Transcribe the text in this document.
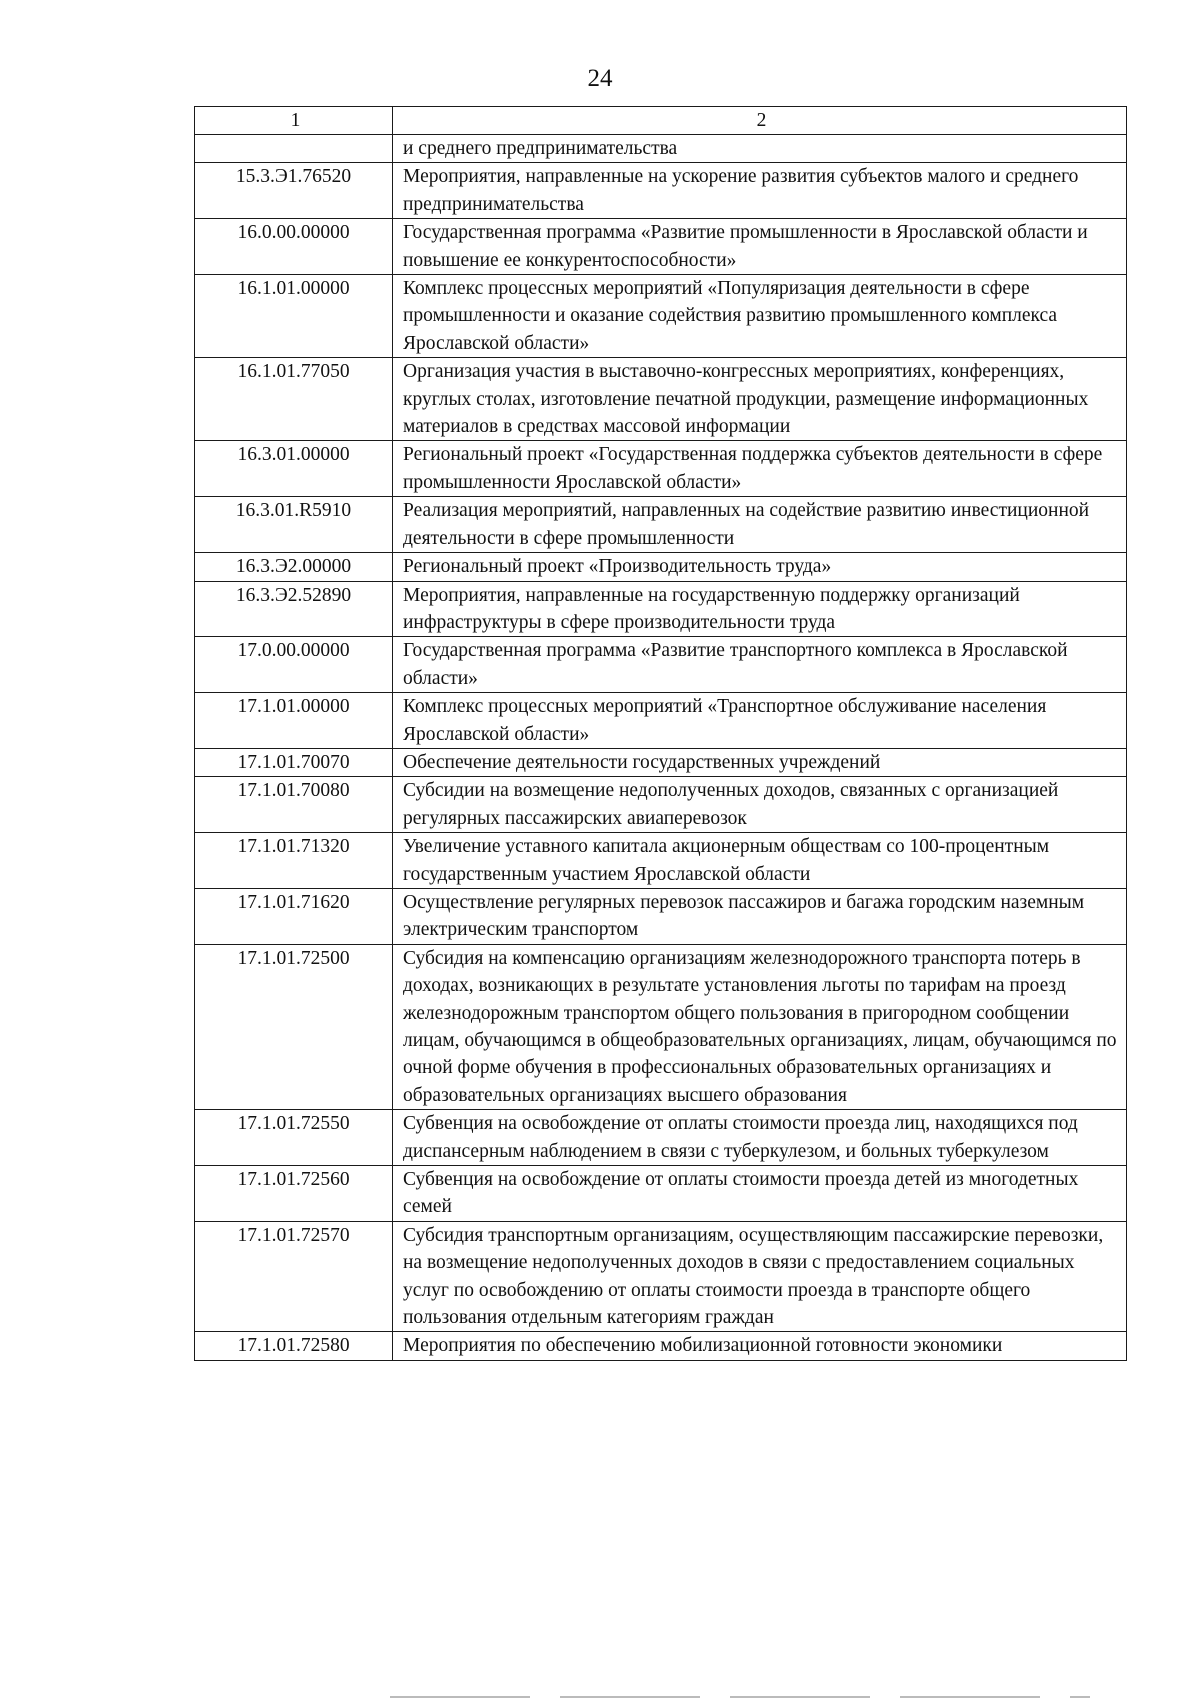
24
1	2
	и среднего предпринимательства
15.3.Э1.76520	Мероприятия, направленные на ускорение развития субъектов малого и среднего предпринимательства
16.0.00.00000	Государственная программа «Развитие промышленности в Ярославской области и повышение ее конкурентоспособности»
16.1.01.00000	Комплекс процессных мероприятий «Популяризация деятельности в сфере промышленности и оказание содействия развитию промышленного комплекса Ярославской области»
16.1.01.77050	Организация участия в выставочно-конгрессных мероприятиях, конференциях, круглых столах, изготовление печатной продукции, размещение информационных материалов в средствах массовой информации
16.3.01.00000	Региональный проект «Государственная поддержка субъектов деятельности в сфере промышленности Ярославской области»
16.3.01.R5910	Реализация мероприятий, направленных на содействие развитию инвестиционной деятельности в сфере промышленности
16.3.Э2.00000	Региональный проект «Производительность труда»
16.3.Э2.52890	Мероприятия, направленные на государственную поддержку организаций инфраструктуры в сфере производительности труда
17.0.00.00000	Государственная программа «Развитие транспортного комплекса в Ярославской области»
17.1.01.00000	Комплекс процессных мероприятий «Транспортное обслуживание населения Ярославской области»
17.1.01.70070	Обеспечение деятельности государственных учреждений
17.1.01.70080	Субсидии на возмещение недополученных доходов, связанных с организацией регулярных пассажирских авиаперевозок
17.1.01.71320	Увеличение уставного капитала акционерным обществам со 100-процентным государственным участием Ярославской области
17.1.01.71620	Осуществление регулярных перевозок пассажиров и багажа городским наземным электрическим транспортом
17.1.01.72500	Субсидия на компенсацию организациям железнодорожного транспорта потерь в доходах, возникающих в результате установления льготы по тарифам на проезд железнодорожным транспортом общего пользования в пригородном сообщении лицам, обучающимся в общеобразовательных организациях, лицам, обучающимся по очной форме обучения в профессиональных образовательных организациях и образовательных организациях высшего образования
17.1.01.72550	Субвенция на освобождение от оплаты стоимости проезда лиц, находящихся под диспансерным наблюдением в связи с туберкулезом, и больных туберкулезом
17.1.01.72560	Субвенция на освобождение от оплаты стоимости проезда детей из многодетных семей
17.1.01.72570	Субсидия транспортным организациям, осуществляющим пассажирские перевозки, на возмещение недополученных доходов в связи с предоставлением социальных услуг по освобождению от оплаты стоимости проезда в транспорте общего пользования отдельным категориям граждан
17.1.01.72580	Мероприятия по обеспечению мобилизационной готовности экономики
